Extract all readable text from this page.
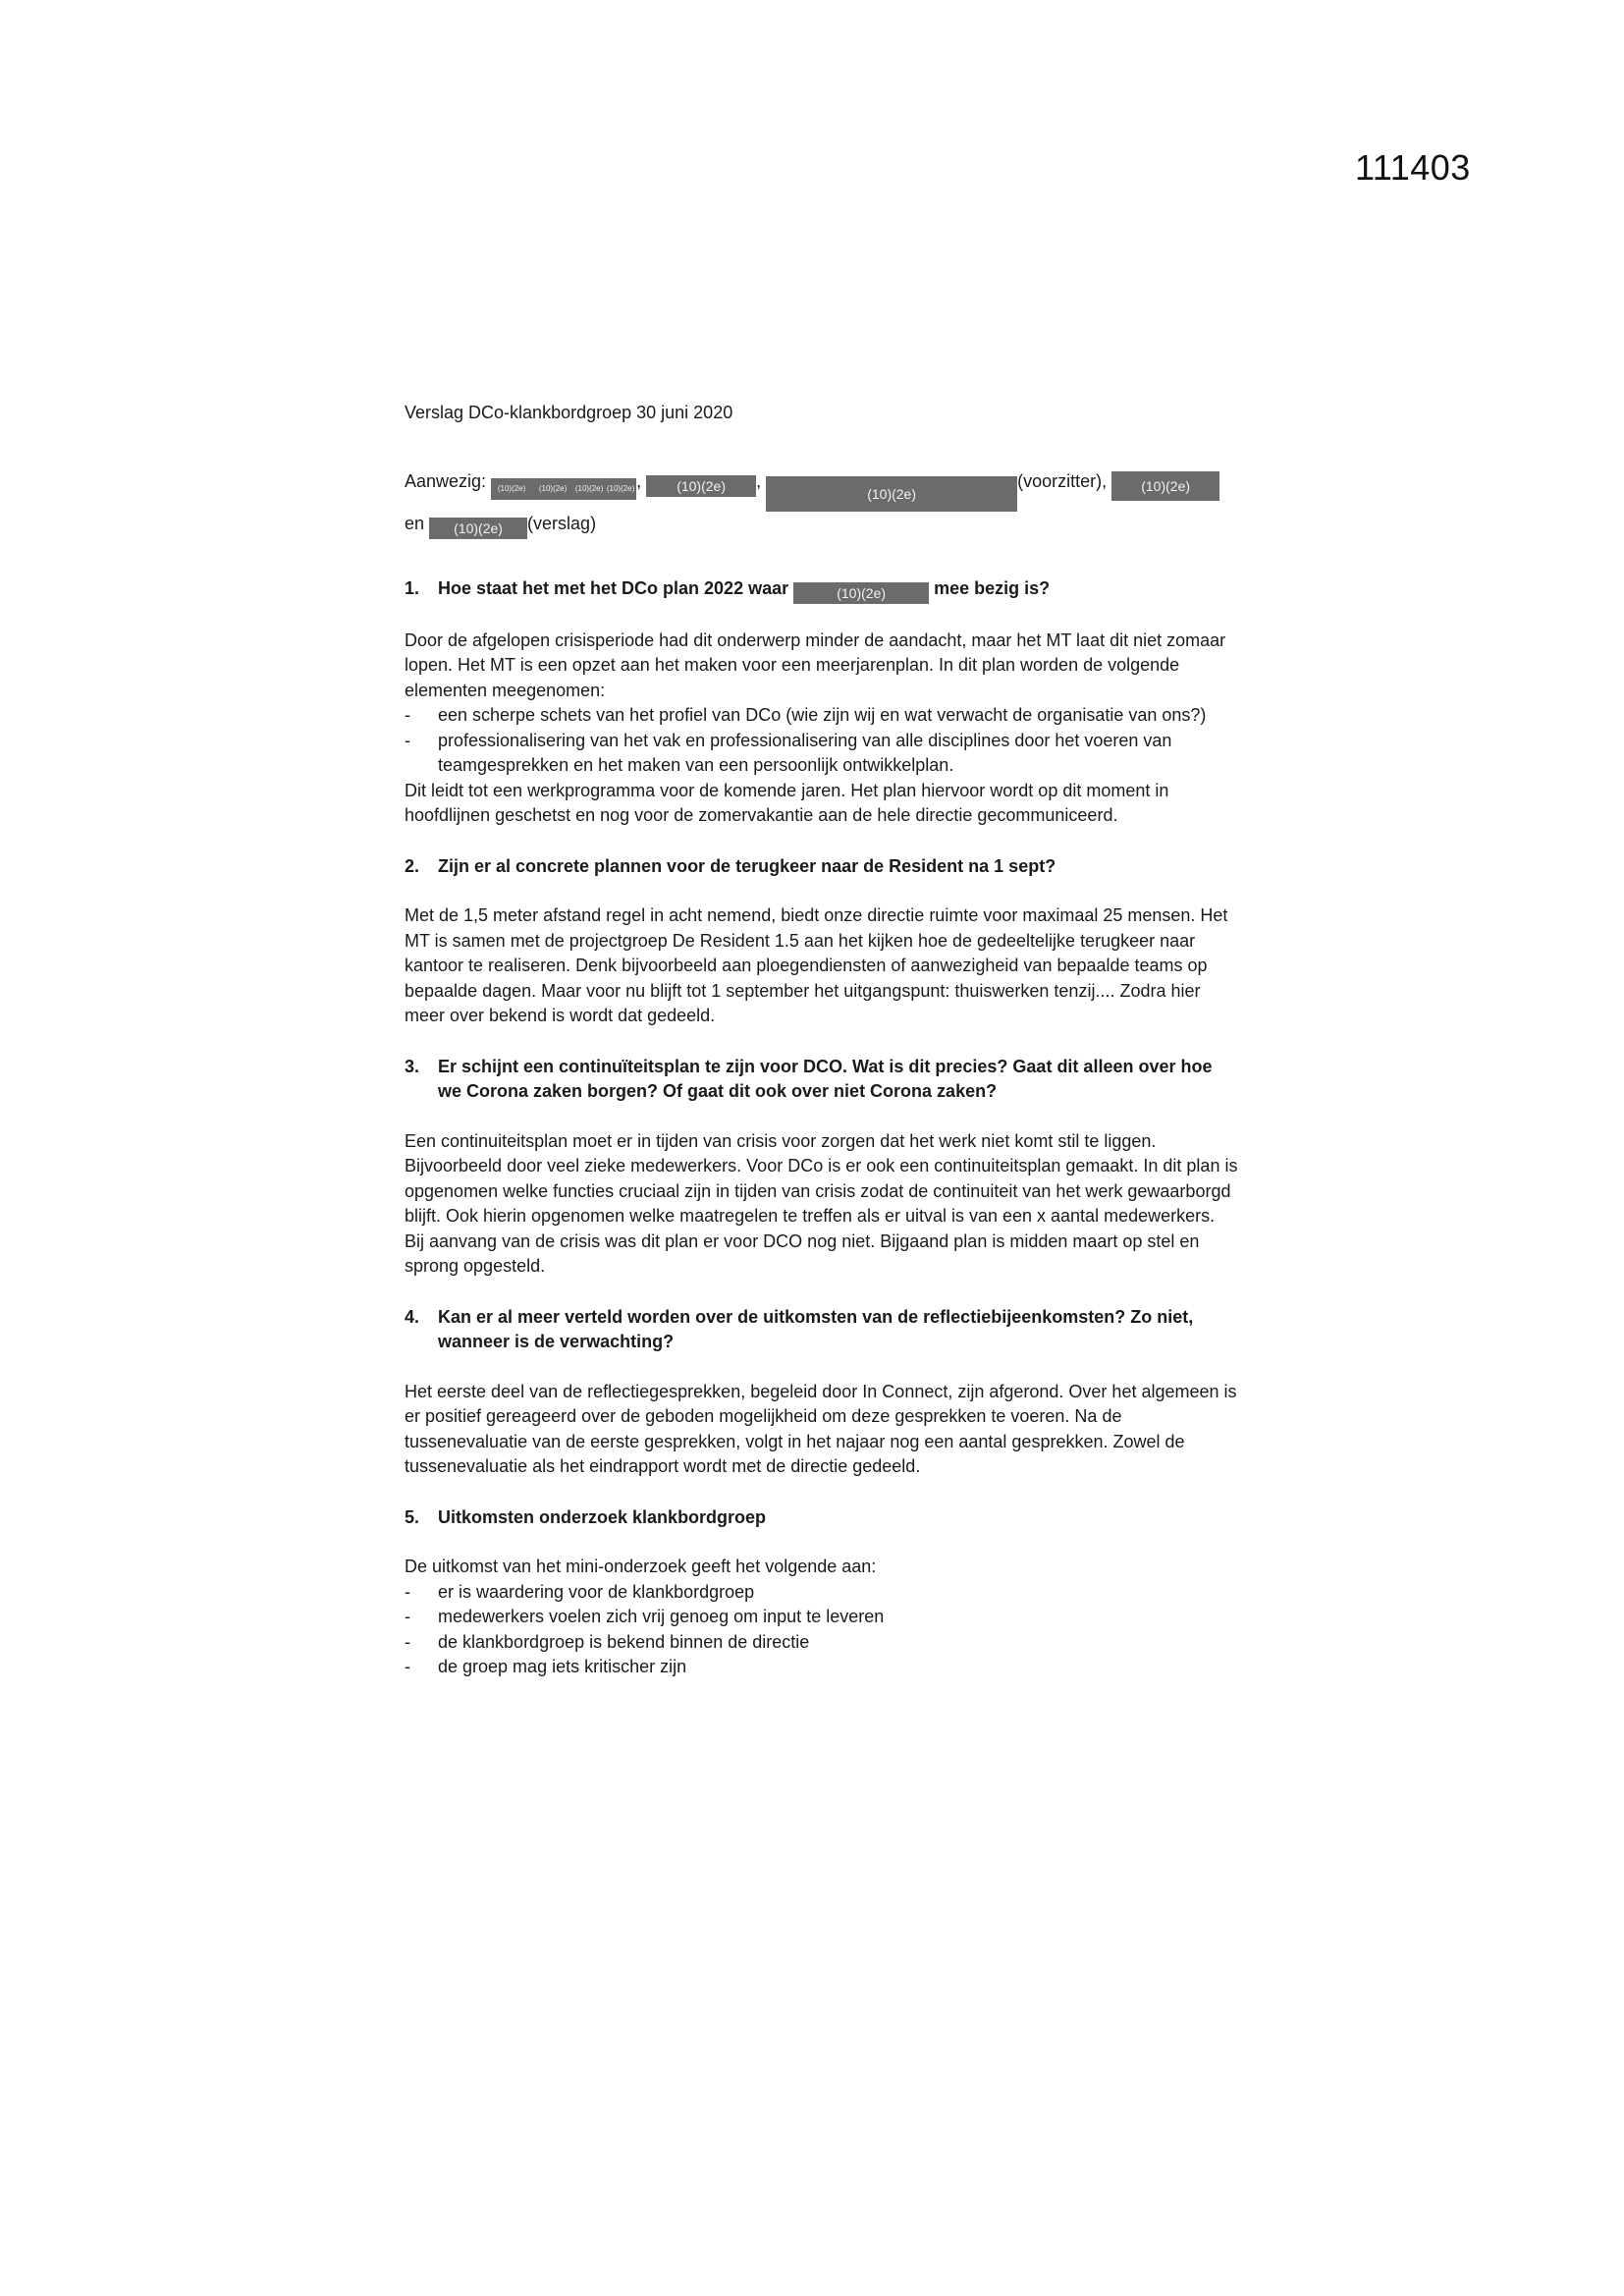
111403

Verslag DCo-klankbordgroep 30 juni 2020

Aanwezig: (10)(2e) (10)(2e) (10)(2e) (10)(2e), (10)(2e) , (10)(2e)(voorzitter),	(10)(2e)
en (10)(2e) (verslag)

1.	Hoe staat het met het DCo plan 2022 waar	(10)(2e)	mee bezig is?
Door de afgelopen crisisperiode had dit onderwerp minder de aandacht, maar het MT laat dit niet zomaar lopen. Het MT is een opzet aan het maken voor een meerjarenplan. In dit plan worden de volgende elementen meegenomen:
-	een scherpe schets van het profiel van DCo (wie zijn wij en wat verwacht de organisatie van ons?)
-	professionalisering van het vak en professionalisering van alle disciplines door het voeren van teamgesprekken en het maken van een persoonlijk ontwikkelplan.
Dit leidt tot een werkprogramma voor de komende jaren. Het plan hiervoor wordt op dit moment in hoofdlijnen geschetst en nog voor de zomervakantie aan de hele directie gecommuniceerd.
2.	Zijn er al concrete plannen voor de terugkeer naar de Resident na 1 sept?

Met de 1,5 meter afstand regel in acht nemend, biedt onze directie ruimte voor maximaal 25 mensen. Het MT is samen met de projectgroep De Resident 1.5 aan het kijken hoe de gedeeltelijke terugkeer naar kantoor te realiseren. Denk bijvoorbeeld aan ploegendiensten of aanwezigheid van bepaalde teams op bepaalde dagen. Maar voor nu blijft tot 1 september het uitgangspunt: thuiswerken tenzij.... Zodra hier meer over bekend is wordt dat gedeeld.

3.	Er schijnt een continuïteitsplan te zijn voor DCO. Wat is dit precies? Gaat dit alleen over hoe we Corona zaken borgen? Of gaat dit ook over niet Corona zaken?

Een continuiteitsplan moet er in tijden van crisis voor zorgen dat het werk niet komt stil te liggen. Bijvoorbeeld door veel zieke medewerkers. Voor DCo is er ook een continuiteitsplan gemaakt. In dit plan is opgenomen welke functies cruciaal zijn in tijden van crisis zodat de continuiteit van het werk gewaarborgd blijft. Ook hierin opgenomen welke maatregelen te treffen als er uitval is van een x aantal medewerkers. Bij aanvang van de crisis was dit plan er voor DCO nog niet. Bijgaand plan is midden maart op stel en sprong opgesteld.

4.	Kan er al meer verteld worden over de uitkomsten van de reflectiebijeenkomsten? Zo niet, wanneer is de verwachting?

Het eerste deel van de reflectiegesprekken, begeleid door In Connect, zijn afgerond. Over het algemeen is er positief gereageerd over de geboden mogelijkheid om deze gesprekken te voeren. Na de tussenevaluatie van de eerste gesprekken, volgt in het najaar nog een aantal gesprekken. Zowel de tussenevaluatie als het eindrapport wordt met de directie gedeeld.

5.	Uitkomsten onderzoek klankbordgroep
De uitkomst van het mini-onderzoek geeft het volgende aan:
-	er is waardering voor de klankbordgroep
-	medewerkers voelen zich vrij genoeg om input te leveren
-	de klankbordgroep is bekend binnen de directie
-	de groep mag iets kritischer zijn
